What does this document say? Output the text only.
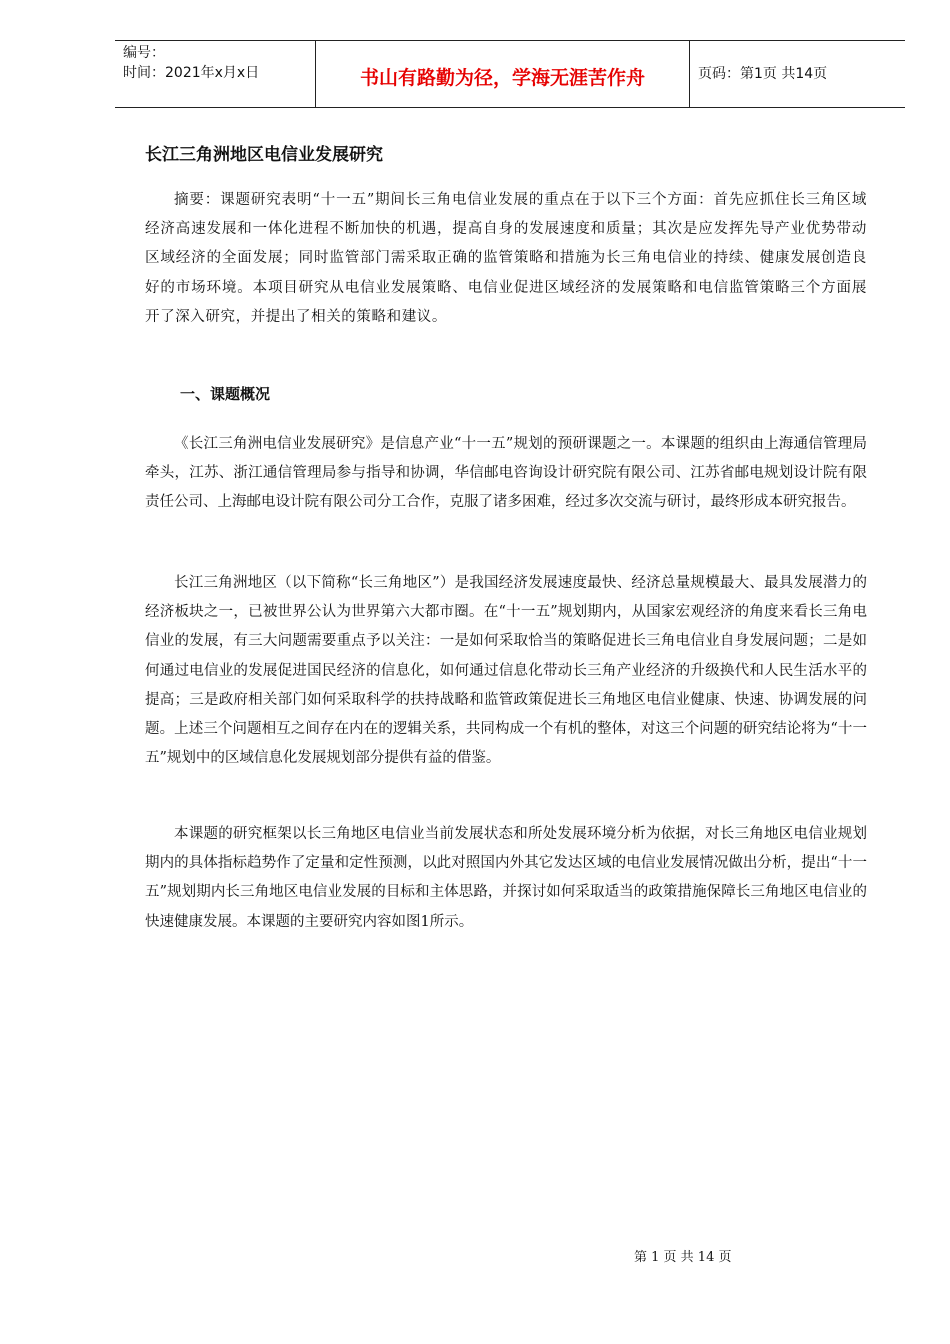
编号：
时间：2021年x月x日	书山有路勤为径，学海无涯苦作舟	页码：第1页 共14页
长江三角洲地区电信业发展研究

摘要：课题研究表明“十一五”期间长三角电信业发展的重点在于以下三个方面：首先应抓住长三角区域经济高速发展和一体化进程不断加快的机遇，提高自身的发展速度和质量；其次是应发挥先导产业优势带动区域经济的全面发展；同时监管部门需采取正确的监管策略和措施为长三角电信业的持续、健康发展创造良好的市场环境。本项目研究从电信业发展策略、电信业促进区域经济的发展策略和电信监管策略三个方面展开了深入研究，并提出了相关的策略和建议。

一、课题概况

《长江三角洲电信业发展研究》是信息产业“十一五”规划的预研课题之一。本课题的组织由上海通信管理局牵头，江苏、浙江通信管理局参与指导和协调，华信邮电咨询设计研究院有限公司、江苏省邮电规划设计院有限责任公司、上海邮电设计院有限公司分工合作，克服了诸多困难，经过多次交流与研讨，最终形成本研究报告。

长江三角洲地区（以下简称“长三角地区”）是我国经济发展速度最快、经济总量规模最大、最具发展潜力的经济板块之一，已被世界公认为世界第六大都市圈。在“十一五”规划期内，从国家宏观经济的角度来看长三角电信业的发展，有三大问题需要重点予以关注：一是如何采取恰当的策略促进长三角电信业自身发展问题；二是如何通过电信业的发展促进国民经济的信息化，如何通过信息化带动长三角产业经济的升级换代和人民生活水平的提高；三是政府相关部门如何采取科学的扶持战略和监管政策促进长三角地区电信业健康、快速、协调发展的问题。上述三个问题相互之间存在内在的逻辑关系，共同构成一个有机的整体，对这三个问题的研究结论将为“十一五”规划中的区域信息化发展规划部分提供有益的借鉴。

本课题的研究框架以长三角地区电信业当前发展状态和所处发展环境分析为依据，对长三角地区电信业规划期内的具体指标趋势作了定量和定性预测，以此对照国内外其它发达区域的电信业发展情况做出分析，提出“十一五”规划期内长三角地区电信业发展的目标和主体思路，并探讨如何采取适当的政策措施保障长三角地区电信业的快速健康发展。本课题的主要研究内容如图1所示。

第 1 页 共 14 页
